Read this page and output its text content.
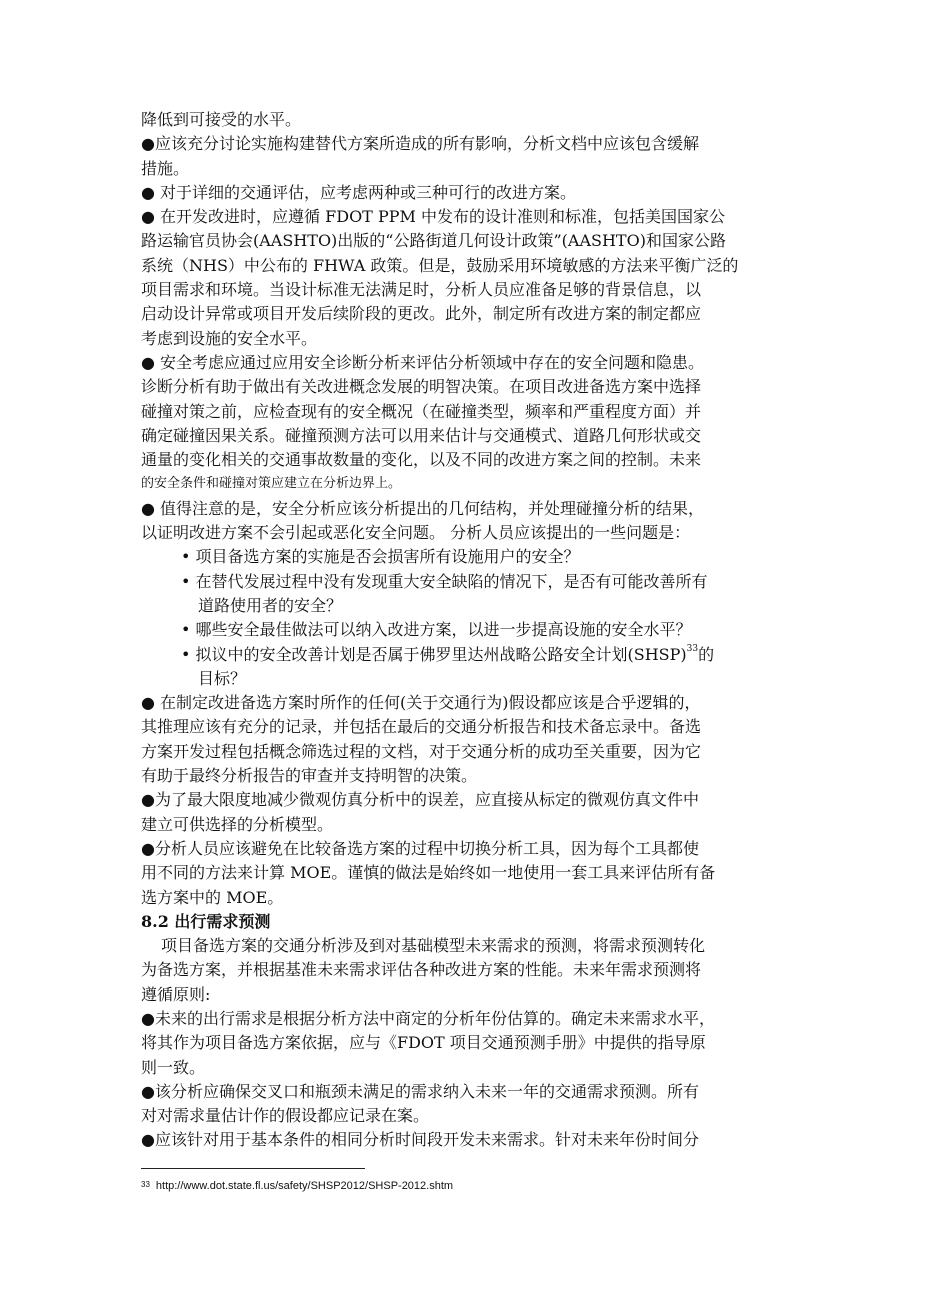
降低到可接受的水平。
●应该充分讨论实施构建替代方案所造成的所有影响，分析文档中应该包含缓解
措施。
● 对于详细的交通评估，应考虑两种或三种可行的改进方案。
● 在开发改进时，应遵循 FDOT PPM 中发布的设计准则和标准，包括美国国家公
路运输官员协会(AASHTO)出版的“公路街道几何设计政策”(AASHTO)和国家公路
系统（NHS）中公布的 FHWA 政策。但是，鼓励采用环境敏感的方法来平衡广泛的
项目需求和环境。当设计标准无法满足时，分析人员应准备足够的背景信息，以
启动设计异常或项目开发后续阶段的更改。此外，制定所有改进方案的制定都应
考虑到设施的安全水平。
● 安全考虑应通过应用安全诊断分析来评估分析领域中存在的安全问题和隐患。
诊断分析有助于做出有关改进概念发展的明智决策。在项目改进备选方案中选择
碰撞对策之前，应检查现有的安全概况（在碰撞类型，频率和严重程度方面）并
确定碰撞因果关系。碰撞预测方法可以用来估计与交通模式、道路几何形状或交
通量的变化相关的交通事故数量的变化，以及不同的改进方案之间的控制。未来
的安全条件和碰撞对策应建立在分析边界上。
● 值得注意的是，安全分析应该分析提出的几何结构，并处理碰撞分析的结果，
以证明改进方案不会引起或恶化安全问题。 分析人员应该提出的一些问题是：
• 项目备选方案的实施是否会损害所有设施用户的安全？
• 在替代发展过程中没有发现重大安全缺陷的情况下，是否有可能改善所有
道路使用者的安全？
• 哪些安全最佳做法可以纳入改进方案，以进一步提高设施的安全水平？
• 拟议中的安全改善计划是否属于佛罗里达州战略公路安全计划(SHSP)$^{33}$的
目标？
● 在制定改进备选方案时所作的任何(关于交通行为)假设都应该是合乎逻辑的，
其推理应该有充分的记录，并包括在最后的交通分析报告和技术备忘录中。备选
方案开发过程包括概念筛选过程的文档，对于交通分析的成功至关重要，因为它
有助于最终分析报告的审查并支持明智的决策。
●为了最大限度地减少微观仿真分析中的误差，应直接从标定的微观仿真文件中
建立可供选择的分析模型。
●分析人员应该避免在比较备选方案的过程中切换分析工具，因为每个工具都使
用不同的方法来计算 MOE。谨慎的做法是始终如一地使用一套工具来评估所有备
选方案中的 MOE。
8.2 出行需求预测
项目备选方案的交通分析涉及到对基础模型未来需求的预测，将需求预测转化
为备选方案，并根据基准未来需求评估各种改进方案的性能。未来年需求预测将
遵循原则:
●未来的出行需求是根据分析方法中商定的分析年份估算的。确定未来需求水平，
将其作为项目备选方案依据，应与《FDOT 项目交通预测手册》中提供的指导原
则一致。
●该分析应确保交叉口和瓶颈未满足的需求纳入未来一年的交通需求预测。所有
对对需求量估计作的假设都应记录在案。
●应该针对用于基本条件的相同分析时间段开发未来需求。针对未来年份时间分
$^{33}$ http://www.dot.state.fl.us/safety/SHSP2012/SHSP-2012.shtm
